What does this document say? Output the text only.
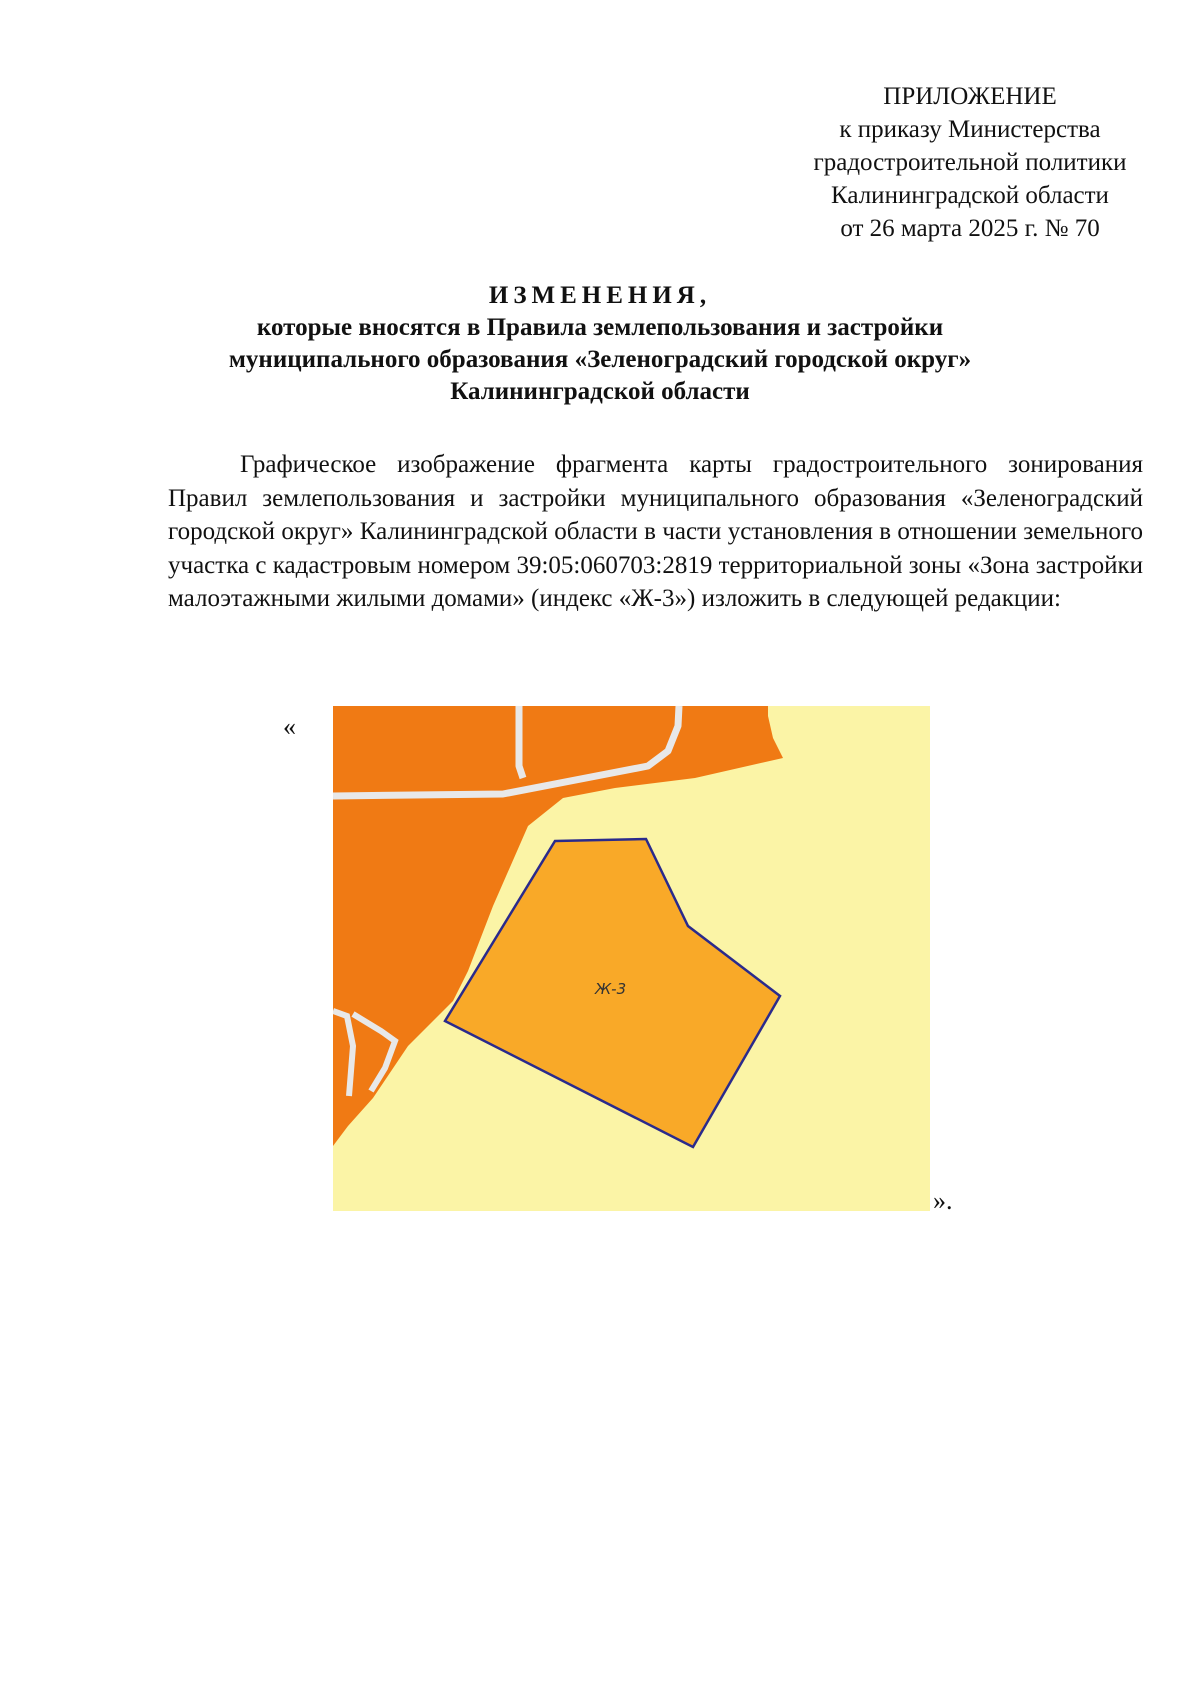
ПРИЛОЖЕНИЕ
к приказу Министерства
градостроительной политики
Калининградской области
от 26 марта 2025 г. № 70
ИЗМЕНЕНИЯ,
которые вносятся в Правила землепользования и застройки
муниципального образования «Зеленоградский городской округ»
Калининградской области
Графическое изображение фрагмента карты градостроительного зонирования Правил землепользования и застройки муниципального образования «Зеленоградский городской округ» Калининградской области в части установления в отношении земельного участка с кадастровым номером 39:05:060703:2819 территориальной зоны «Зона застройки малоэтажными жилыми домами» (индекс «Ж-3») изложить в следующей редакции:
«
Ж-3
».
